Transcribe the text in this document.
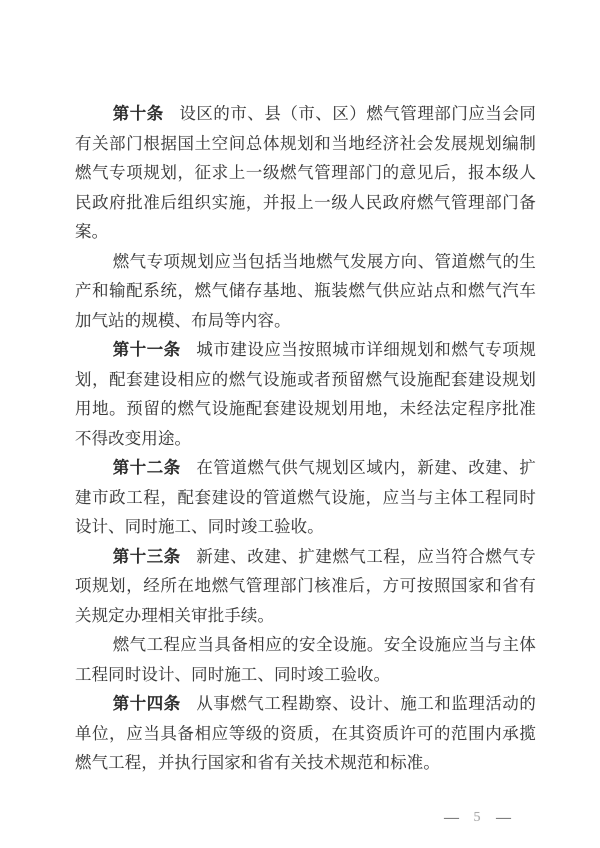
第十条 设区的市、县（市、区）燃气管理部门应当会同有关部门根据国土空间总体规划和当地经济社会发展规划编制燃气专项规划，征求上一级燃气管理部门的意见后，报本级人民政府批准后组织实施，并报上一级人民政府燃气管理部门备案。

燃气专项规划应当包括当地燃气发展方向、管道燃气的生产和输配系统，燃气储存基地、瓶装燃气供应站点和燃气汽车加气站的规模、布局等内容。

第十一条 城市建设应当按照城市详细规划和燃气专项规划，配套建设相应的燃气设施或者预留燃气设施配套建设规划用地。预留的燃气设施配套建设规划用地，未经法定程序批准不得改变用途。

第十二条 在管道燃气供气规划区域内，新建、改建、扩建市政工程，配套建设的管道燃气设施，应当与主体工程同时设计、同时施工、同时竣工验收。

第十三条 新建、改建、扩建燃气工程，应当符合燃气专项规划，经所在地燃气管理部门核准后，方可按照国家和省有关规定办理相关审批手续。

燃气工程应当具备相应的安全设施。安全设施应当与主体工程同时设计、同时施工、同时竣工验收。

第十四条 从事燃气工程勘察、设计、施工和监理活动的单位，应当具备相应等级的资质，在其资质许可的范围内承揽燃气工程，并执行国家和省有关技术规范和标准。

— 5 —
